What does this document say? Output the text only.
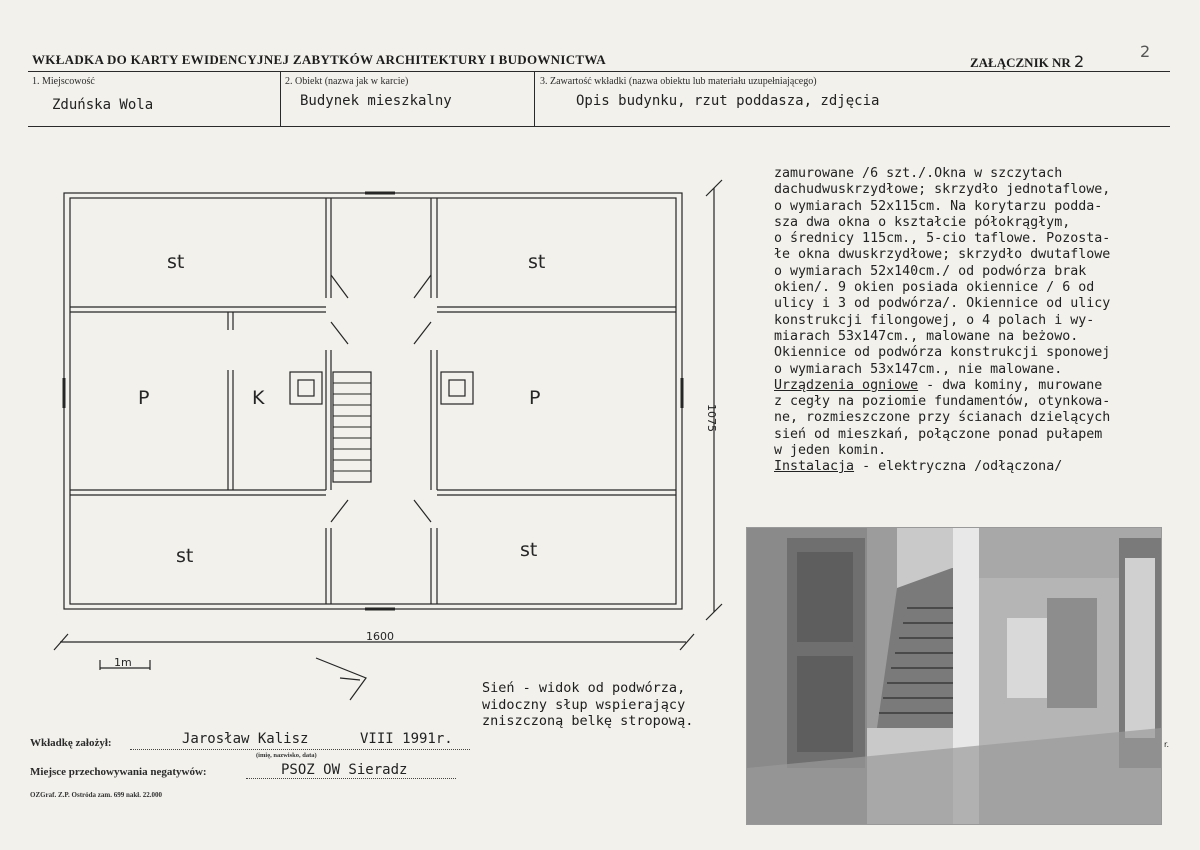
WKŁADKA DO KARTY EWIDENCYJNEJ ZABYTKÓW ARCHITEKTURY I BUDOWNICTWA	ZAŁĄCZNIK NR 2
2
1. Miejscowość
Zduńska Wola
2. Obiekt (nazwa jak w karcie)
Budynek mieszkalny
3. Zawartość wkładki (nazwa obiektu lub materiału uzupełniającego)
Opis budynku, rzut poddasza, zdjęcia
st	st
P	K	P
st	st
1600
1075
1m
zamurowane /6 szt./.Okna w szczytach
dachudwuskrzydłowe; skrzydło jednotaflowe,
o wymiarach 52x115cm. Na korytarzu podda-
sza dwa okna o kształcie półokrągłym,
o średnicy 115cm., 5-cio taflowe. Pozosta-
łe okna dwuskrzydłowe; skrzydło dwutaflowe
o wymiarach 52x140cm./ od podwórza brak
okien/. 9 okien posiada okiennice / 6 od
ulicy i 3 od podwórza/. Okiennice od ulicy
konstrukcji filongowej, o 4 polach i wy-
miarach 53x147cm., malowane na beżowo.
Okiennice od podwórza konstrukcji sponowej
o wymiarach 53x147cm., nie malowane.
Urządzenia ogniowe - dwa kominy, murowane
z cegły na poziomie fundamentów, otynkowa-
ne, rozmieszczone przy ścianach dzielących
sień od mieszkań, połączone ponad pułapem
w jeden komin.
Instalacja - elektryczna /odłączona/
Sień - widok od podwórza,
widoczny słup wspierający
zniszczoną belkę stropową.
r.
Wkładkę założył:	Jarosław Kalisz	VIII 1991r.
(imię, nazwisko, data)
Miejsce przechowywania negatywów:	PSOZ OW Sieradz
OZGraf. Z.P. Ostróda zam. 699 nakł. 22.000
